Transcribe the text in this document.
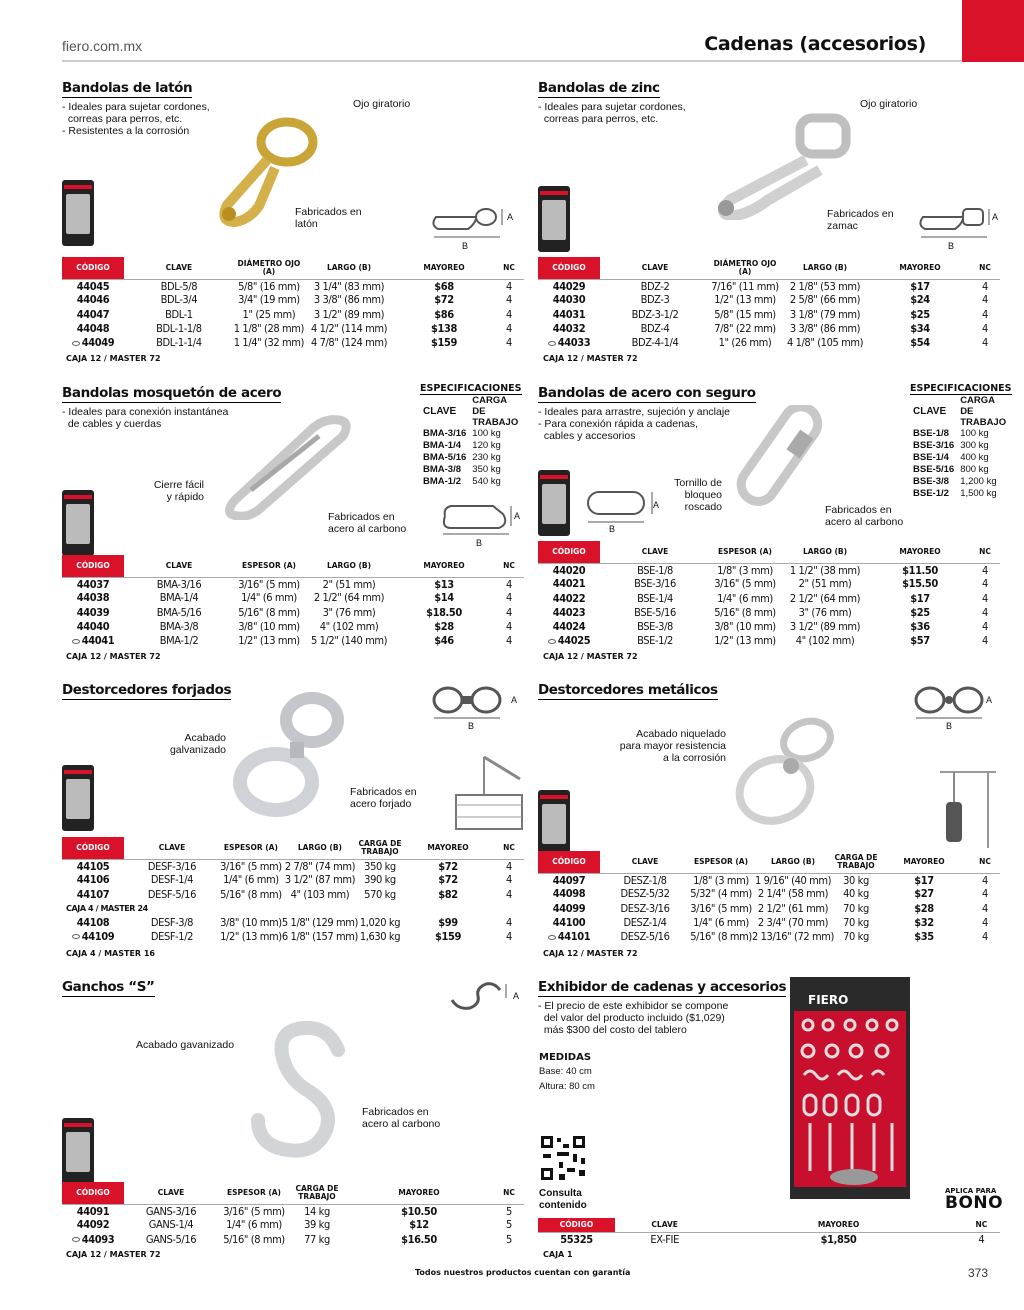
fiero.com.mx	Cadenas (accesorios)
Bandolas de latón
- Ideales para sujetar cordones,
correas para perros, etc.
- Resistentes a la corrosión
Ojo giratorio
Fabricados en latón
A
B
CÓDIGO	CLAVE	DIÁMETRO OJO (A)	LARGO (B)	MAYOREO	NC
44045	BDL-5/8	5/8" (16 mm)	3 1/4" (83 mm)	$68	4
44046	BDL-3/4	3/4" (19 mm)	3 3/8" (86 mm)	$72	4
44047	BDL-1	1" (25 mm)	3 1/2" (89 mm)	$86	4
44048	BDL-1-1/8	1 1/8" (28 mm)	4 1/2" (114 mm)	$138	4
44049	BDL-1-1/4	1 1/4" (32 mm)	4 7/8" (124 mm)	$159	4
CAJA 12 / MASTER 72
Bandolas de zinc
- Ideales para sujetar cordones,
correas para perros, etc.
Ojo giratorio
Fabricados en zamac
A
B
CÓDIGO	CLAVE	DIÁMETRO OJO (A)	LARGO (B)	MAYOREO	NC
44029	BDZ-2	7/16" (11 mm)	2 1/8" (53 mm)	$17	4
44030	BDZ-3	1/2" (13 mm)	2 5/8" (66 mm)	$24	4
44031	BDZ-3-1/2	5/8" (15 mm)	3 1/8" (79 mm)	$25	4
44032	BDZ-4	7/8" (22 mm)	3 3/8" (86 mm)	$34	4
44033	BDZ-4-1/4	1" (26 mm)	4 1/8" (105 mm)	$54	4
CAJA 12 / MASTER 72
Bandolas mosquetón de acero
- Ideales para conexión instantánea
de cables y cuerdas
ESPECIFICACIONES
CLAVE	CARGA DE TRABAJO
BMA-3/16	100 kg
BMA-1/4	120 kg
BMA-5/16	230 kg
BMA-3/8	350 kg
BMA-1/2	540 kg
Cierre fácil y rápido
Fabricados en acero al carbono
A
B
CÓDIGO	CLAVE	ESPESOR (A)	LARGO (B)	MAYOREO	NC
44037	BMA-3/16	3/16" (5 mm)	2" (51 mm)	$13	4
44038	BMA-1/4	1/4" (6 mm)	2 1/2" (64 mm)	$14	4
44039	BMA-5/16	5/16" (8 mm)	3" (76 mm)	$18.50	4
44040	BMA-3/8	3/8" (10 mm)	4" (102 mm)	$28	4
44041	BMA-1/2	1/2" (13 mm)	5 1/2" (140 mm)	$46	4
CAJA 12 / MASTER 72
Bandolas de acero con seguro
- Ideales para arrastre, sujeción y anclaje
- Para conexión rápida a cadenas,
cables y accesorios
ESPECIFICACIONES
CLAVE	CARGA DE TRABAJO
BSE-1/8	100 kg
BSE-3/16	300 kg
BSE-1/4	400 kg
BSE-5/16	800 kg
BSE-3/8	1,200 kg
BSE-1/2	1,500 kg
Tornillo de bloqueo roscado	Fabricados en acero al carbono
A
B
CÓDIGO	CLAVE	ESPESOR (A)	LARGO (B)	MAYOREO	NC
44020	BSE-1/8	1/8" (3 mm)	1 1/2" (38 mm)	$11.50	4
44021	BSE-3/16	3/16" (5 mm)	2" (51 mm)	$15.50	4
44022	BSE-1/4	1/4" (6 mm)	2 1/2" (64 mm)	$17	4
44023	BSE-5/16	5/16" (8 mm)	3" (76 mm)	$25	4
44024	BSE-3/8	3/8" (10 mm)	3 1/2" (89 mm)	$36	4
44025	BSE-1/2	1/2" (13 mm)	4" (102 mm)	$57	4
CAJA 12 / MASTER 72
Destorcedores forjados
Acabado galvanizado
Fabricados en acero forjado
A
B
CÓDIGO	CLAVE	ESPESOR (A)	LARGO (B)	CARGA DE TRABAJO	MAYOREO	NC
44105	DESF-3/16	3/16" (5 mm)	2 7/8" (74 mm)	350 kg	$72	4
44106	DESF-1/4	1/4" (6 mm)	3 1/2" (87 mm)	390 kg	$72	4
44107	DESF-5/16	5/16" (8 mm)	4" (103 mm)	570 kg	$82	4
CAJA 4 / MASTER 24						
44108	DESF-3/8	3/8" (10 mm)	5 1/8" (129 mm)	1,020 kg	$99	4
44109	DESF-1/2	1/2" (13 mm)	6 1/8" (157 mm)	1,630 kg	$159	4
CAJA 4 / MASTER 16
Destorcedores metálicos
Acabado niquelado para mayor resistencia a la corrosión
A
B
CÓDIGO	CLAVE	ESPESOR (A)	LARGO (B)	CARGA DE TRABAJO	MAYOREO	NC
44097	DESZ-1/8	1/8" (3 mm)	1 9/16" (40 mm)	30 kg	$17	4
44098	DESZ-5/32	5/32" (4 mm)	2 1/4" (58 mm)	40 kg	$27	4
44099	DESZ-3/16	3/16" (5 mm)	2 1/2" (61 mm)	70 kg	$28	4
44100	DESZ-1/4	1/4" (6 mm)	2 3/4" (70 mm)	70 kg	$32	4
44101	DESZ-5/16	5/16" (8 mm)	2 13/16" (72 mm)	70 kg	$35	4
CAJA 12 / MASTER 72
Ganchos “S”
Acabado gavanizado
Fabricados en acero al carbono
A
CÓDIGO	CLAVE	ESPESOR (A)	CARGA DE TRABAJO	MAYOREO	NC
44091	GANS-3/16	3/16" (5 mm)	14 kg	$10.50	5
44092	GANS-1/4	1/4" (6 mm)	39 kg	$12	5
44093	GANS-5/16	5/16" (8 mm)	77 kg	$16.50	5
CAJA 12 / MASTER 72
Exhibidor de cadenas y accesorios
- El precio de este exhibidor se compone
del valor del producto incluido ($1,029)
más $300 del costo del tablero
MEDIDAS
Base: 40 cm
Altura: 80 cm
Consulta contenido
FIERO
APLICA PARA
BONO
CÓDIGO	CLAVE	MAYOREO	NC
55325	EX-FIE	$1,850	4
CAJA 1
Todos nuestros productos cuentan con garantía	373
